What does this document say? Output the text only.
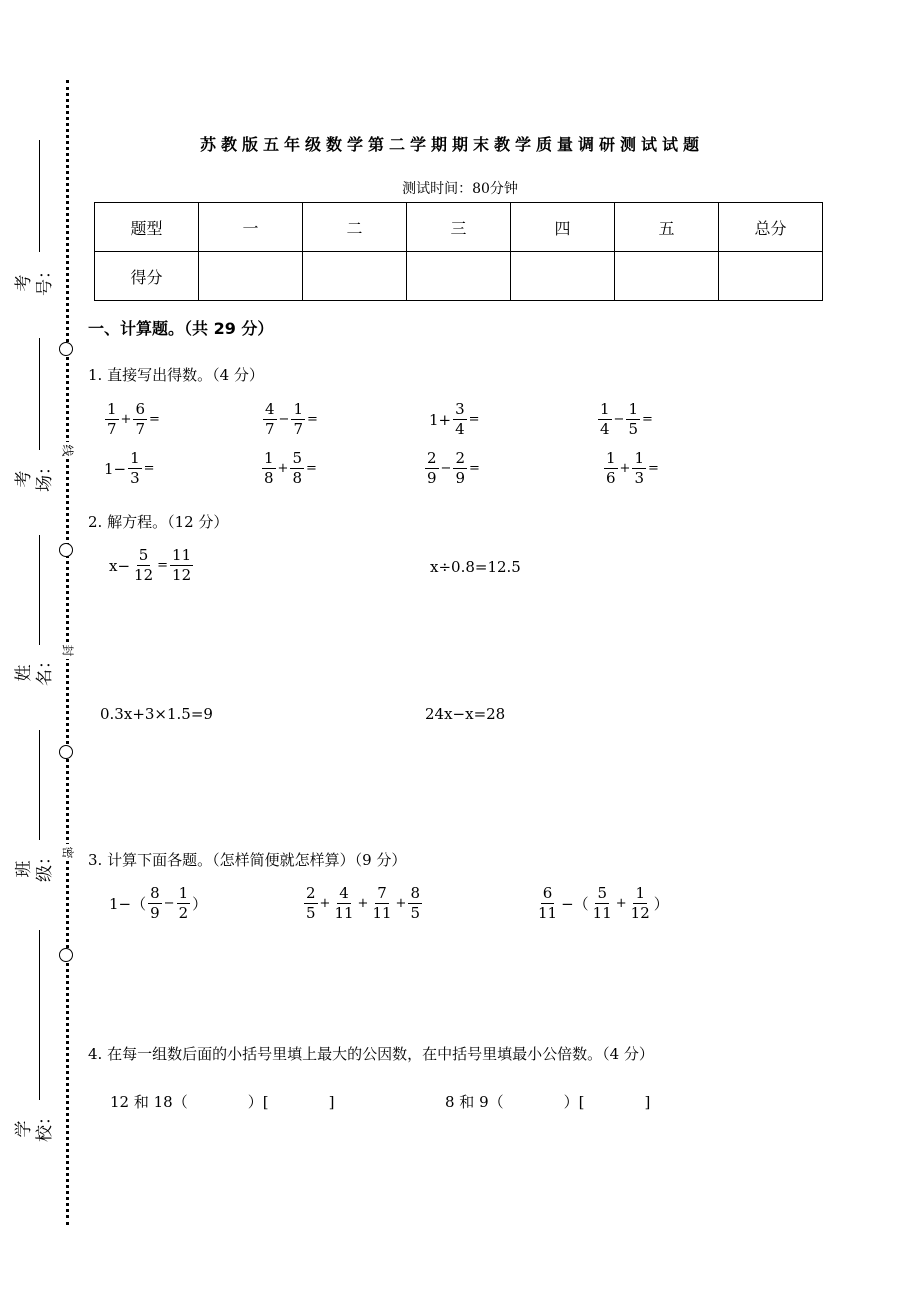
考号：
考场：
姓名：
班级：
学校：
线
封
密
苏教版五年级数学第二学期期末教学质量调研测试试题
测试时间：80分钟
题型	一	二	三	四	五	总分
得分						
一、计算题。（共 29 分）
1. 直接写出得数。（4 分）
$\frac{1}{7} + \frac{6}{7}$ =	$\frac{4}{7} - \frac{1}{7}$ =	$1+ \frac{3}{4}$ =	$\frac{1}{4} - \frac{1}{5}$ =
$1- \frac{1}{3}$ =	$\frac{1}{8} + \frac{5}{8}$ =	$\frac{2}{9} - \frac{2}{9}$ =	$\frac{1}{6} + \frac{1}{3}$ =
2. 解方程。（12 分）
$x- \frac{5}{12} = \frac{11}{12}$	x÷0.8=12.5
0.3x+3×1.5=9	24x−x=28
3. 计算下面各题。（怎样简便就怎样算）（9 分）
$1-( \frac{8}{9} - \frac{1}{2}$ ）	$\frac{2}{5} + \frac{4}{11} + \frac{7}{11} + \frac{8}{5}$	$\frac{6}{11}$ −（ $\frac{5}{11} + \frac{1}{12}$ ）
4. 在每一组数后面的小括号里填上最大的公因数，在中括号里填最小公倍数。（4 分）
12 和 18（　　　　）[　　　　]	8 和 9（　　　　）[　　　　]
